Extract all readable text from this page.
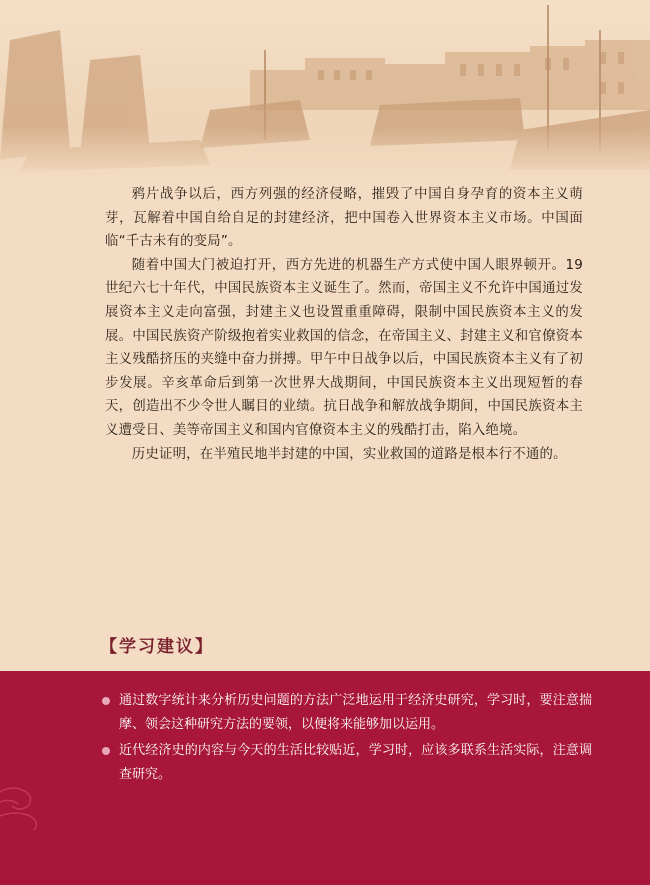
鸦片战争以后，西方列强的经济侵略，摧毁了中国自身孕育的资本主义萌芽，瓦解着中国自给自足的封建经济，把中国卷入世界资本主义市场。中国面临“千古未有的变局”。

随着中国大门被迫打开，西方先进的机器生产方式使中国人眼界顿开。19世纪六七十年代，中国民族资本主义诞生了。然而，帝国主义不允许中国通过发展资本主义走向富强，封建主义也设置重重障碍，限制中国民族资本主义的发展。中国民族资产阶级抱着实业救国的信念，在帝国主义、封建主义和官僚资本主义残酷挤压的夹缝中奋力拼搏。甲午中日战争以后，中国民族资本主义有了初步发展。辛亥革命后到第一次世界大战期间，中国民族资本主义出现短暂的春天，创造出不少令世人瞩目的业绩。抗日战争和解放战争期间，中国民族资本主义遭受日、美等帝国主义和国内官僚资本主义的残酷打击，陷入绝境。

历史证明，在半殖民地半封建的中国，实业救国的道路是根本行不通的。

【学习建议】
通过数字统计来分析历史问题的方法广泛地运用于经济史研究，学习时，要注意揣摩、领会这种研究方法的要领，以便将来能够加以运用。
近代经济史的内容与今天的生活比较贴近，学习时，应该多联系生活实际，注意调查研究。
